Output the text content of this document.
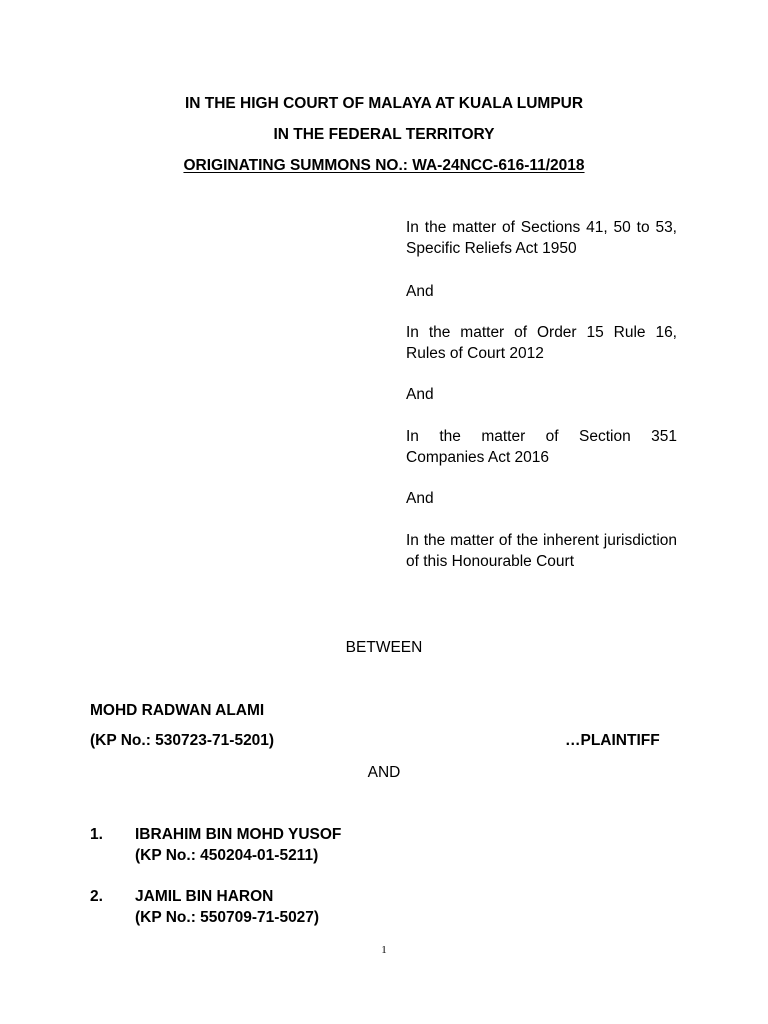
IN THE HIGH COURT OF MALAYA AT KUALA LUMPUR
IN THE FEDERAL TERRITORY
ORIGINATING SUMMONS NO.: WA-24NCC-616-11/2018
In the matter of Sections 41, 50 to 53, Specific Reliefs Act 1950
And
In the matter of Order 15 Rule 16, Rules of Court 2012
And
In the matter of Section 351 Companies Act 2016
And
In the matter of the inherent jurisdiction of this Honourable Court
BETWEEN
MOHD RADWAN ALAMI
(KP No.: 530723-71-5201)	…PLAINTIFF
AND
1. IBRAHIM BIN MOHD YUSOF
(KP No.: 450204-01-5211)
2. JAMIL BIN HARON
(KP No.: 550709-71-5027)
1
